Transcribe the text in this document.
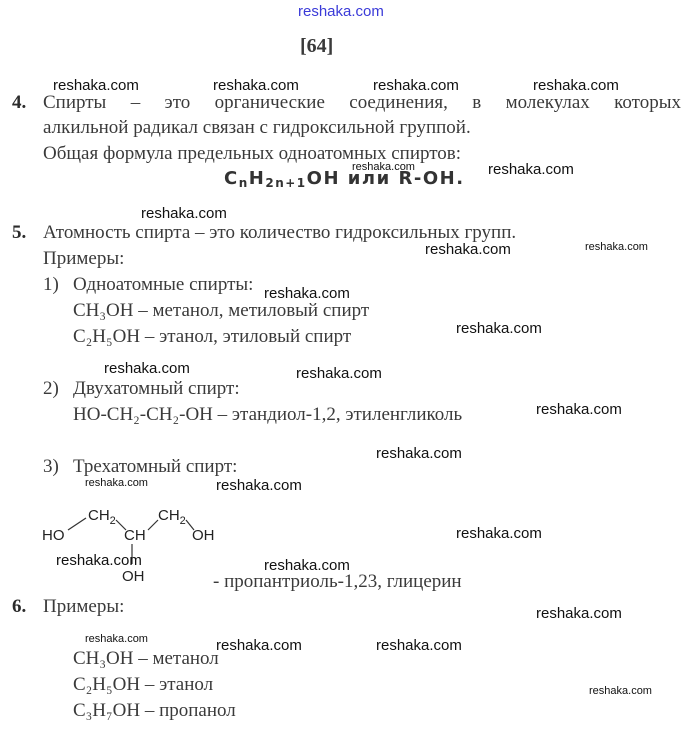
reshaka.com
[64]
4. Спирты – это органические соединения, в молекулах которых
алкильной радикал связан с гидроксильной группой.
Общая формула предельных одноатомных спиртов:
$C_nH_{2n+1}OH$ или R-OH.
5. Атомность спирта – это количество гидроксильных групп.
Примеры:
1) Одноатомные спирты:
CH₃OH – метанол, метиловый спирт
C₂H₅OH – этанол, этиловый спирт
2) Двухатомный спирт:
HO-CH₂-CH₂-OH – этандиол-1,2, этиленгликоль
3) Трехатомный спирт:
HO
$CH_2$
CH
$CH_2$
OH
OH	- пропантриоль-1,23, глицерин
6. Примеры:
CH₃OH – метанол
C₂H₅OH – этанол
C₃H₇OH – пропанол
reshaka.com	reshaka.com	reshaka.com	reshaka.com
reshaka.com	reshaka.com
reshaka.com
reshaka.com	reshaka.com
reshaka.com
reshaka.com
reshaka.com	reshaka.com
reshaka.com
reshaka.com
reshaka.com	reshaka.com
reshaka.com
reshaka.com	reshaka.com
reshaka.com
reshaka.com	reshaka.com	reshaka.com
reshaka.com
